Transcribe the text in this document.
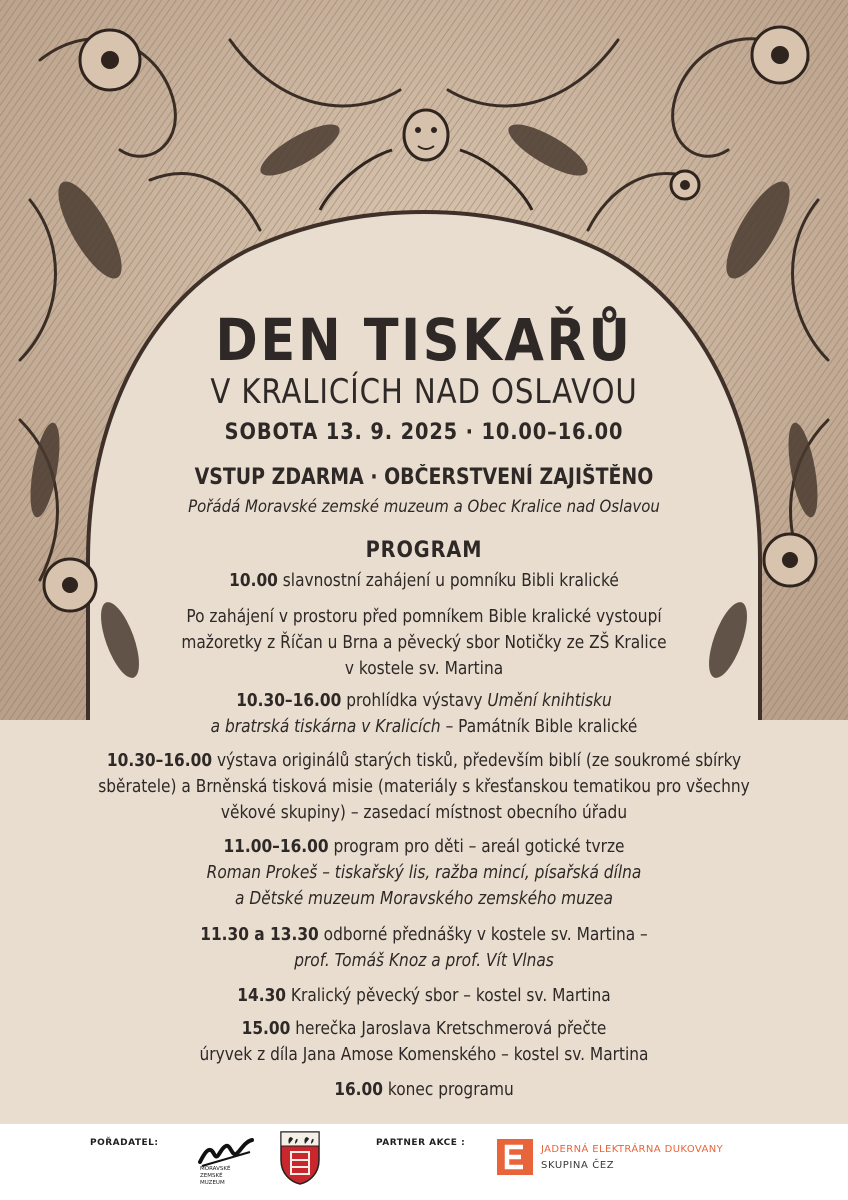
DEN TISKAŘŮ
V KRALICÍCH NAD OSLAVOU
SOBOTA 13. 9. 2025 · 10.00–16.00
VSTUP ZDARMA · OBČERSTVENÍ ZAJIŠTĚNO
Pořádá Moravské zemské muzeum a Obec Kralice nad Oslavou
PROGRAM
10.00 slavnostní zahájení u pomníku Bibli kralické
Po zahájení v prostoru před pomníkem Bible kralické vystoupí
mažoretky z Říčan u Brna a pěvecký sbor Notičky ze ZŠ Kralice
v kostele sv. Martina
10.30–16.00 prohlídka výstavy Umění knihtisku
a bratrská tiskárna v Kralicích – Památník Bible kralické
10.30–16.00 výstava originálů starých tisků, především biblí (ze soukromé sbírky
sběratele) a Brněnská tisková misie (materiály s křesťanskou tematikou pro všechny
věkové skupiny) – zasedací místnost obecního úřadu
11.00–16.00 program pro děti – areál gotické tvrze
Roman Prokeš – tiskařský lis, ražba mincí, písařská dílna
a Dětské muzeum Moravského zemského muzea
11.30 a 13.30 odborné přednášky v kostele sv. Martina –
prof. Tomáš Knoz a prof. Vít Vlnas
14.30 Kralický pěvecký sbor – kostel sv. Martina
15.00 herečka Jaroslava Kretschmerová přečte
úryvek z díla Jana Amose Komenského – kostel sv. Martina
16.00 konec programu
POŘADATEL:
MORAVSKÉ
ZEMSKÉ
MUZEUM
PARTNER AKCE :
JADERNÁ ELEKTRÁRNA DUKOVANY
SKUPINA ČEZ
